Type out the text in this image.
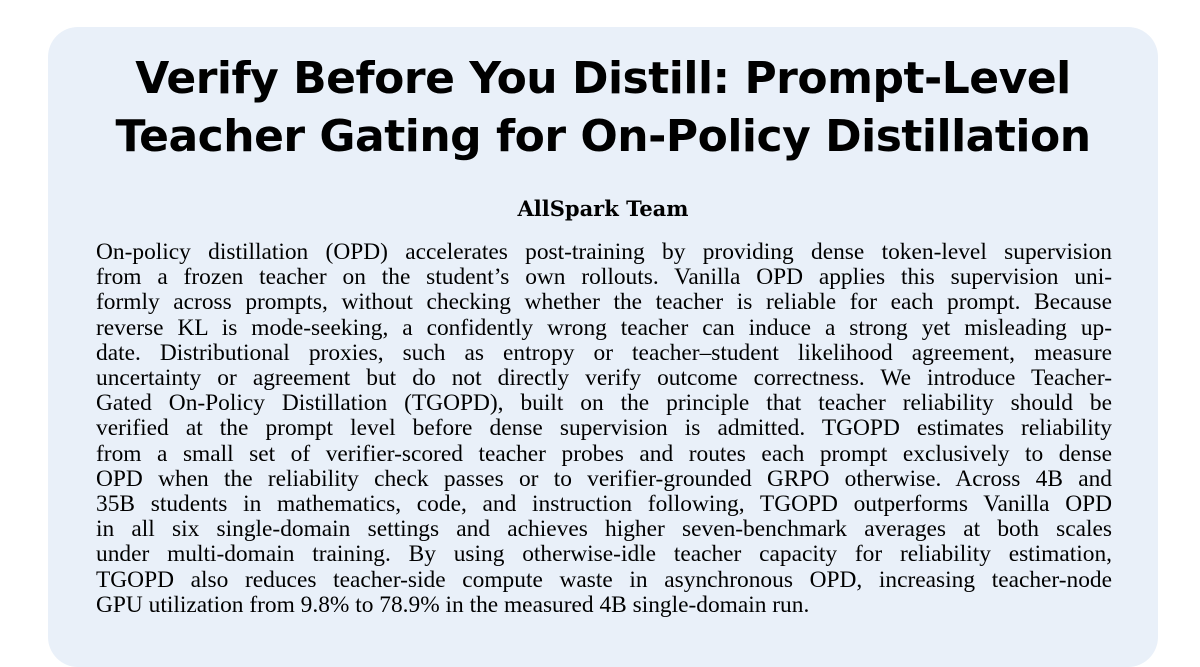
Verify Before You Distill: Prompt-Level
Teacher Gating for On-Policy Distillation
AllSpark Team
On-policy distillation (OPD) accelerates post-training by providing dense token-level supervision
from a frozen teacher on the student’s own rollouts. Vanilla OPD applies this supervision uni-
formly across prompts, without checking whether the teacher is reliable for each prompt. Because
reverse KL is mode-seeking, a confidently wrong teacher can induce a strong yet misleading up-
date. Distributional proxies, such as entropy or teacher–student likelihood agreement, measure
uncertainty or agreement but do not directly verify outcome correctness. We introduce Teacher-
Gated On-Policy Distillation (TGOPD), built on the principle that teacher reliability should be
verified at the prompt level before dense supervision is admitted. TGOPD estimates reliability
from a small set of verifier-scored teacher probes and routes each prompt exclusively to dense
OPD when the reliability check passes or to verifier-grounded GRPO otherwise. Across 4B and
35B students in mathematics, code, and instruction following, TGOPD outperforms Vanilla OPD
in all six single-domain settings and achieves higher seven-benchmark averages at both scales
under multi-domain training. By using otherwise-idle teacher capacity for reliability estimation,
TGOPD also reduces teacher-side compute waste in asynchronous OPD, increasing teacher-node
GPU utilization from 9.8% to 78.9% in the measured 4B single-domain run.
